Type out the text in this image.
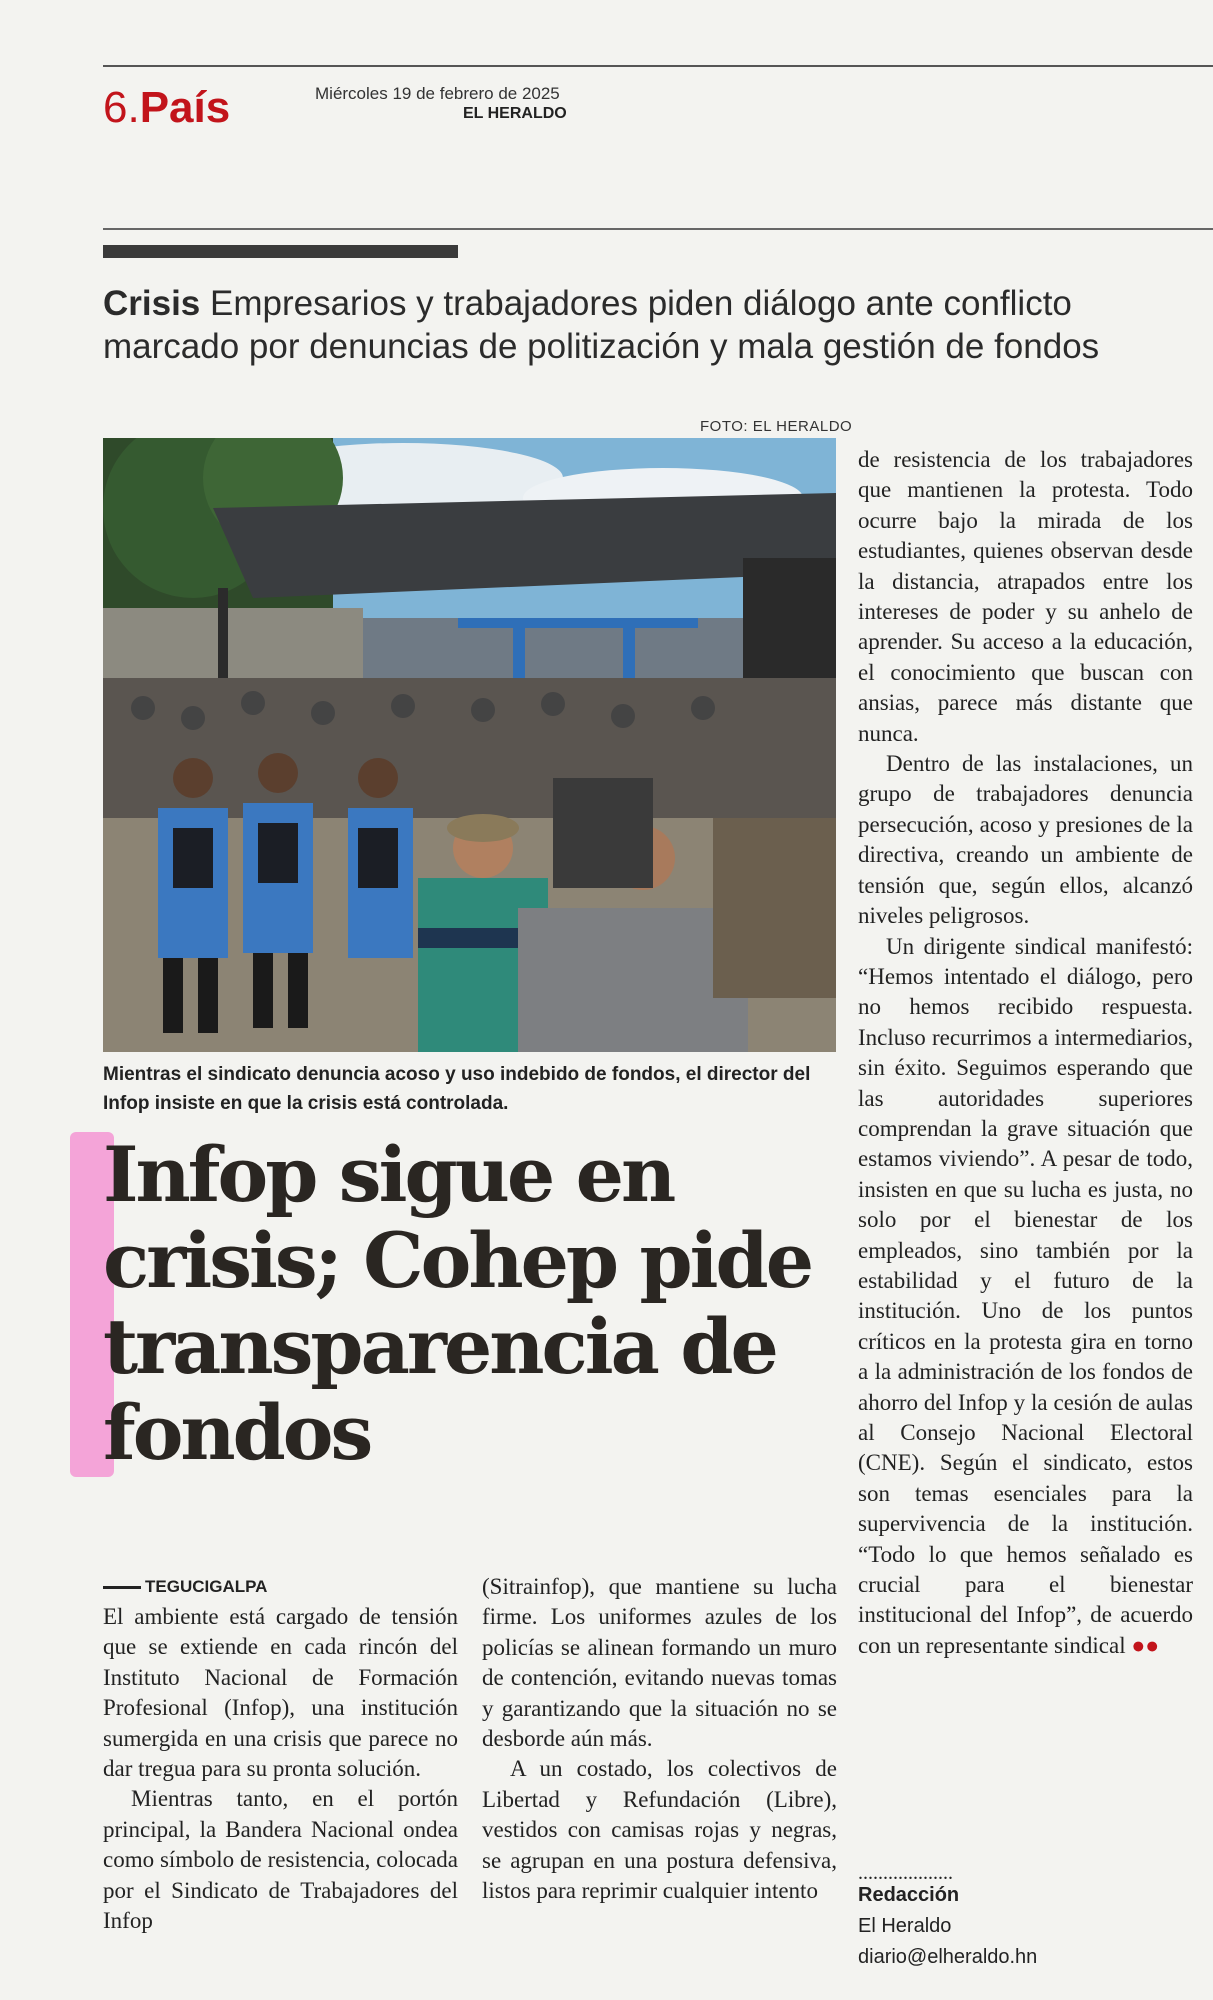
6.País	Miércoles 19 de febrero de 2025
EL HERALDO
Crisis Empresarios y trabajadores piden diálogo ante conflicto marcado por denuncias de politización y mala gestión de fondos
FOTO: EL HERALDO
Mientras el sindicato denuncia acoso y uso indebido de fondos, el director del Infop insiste en que la crisis está controlada.
Infop sigue en crisis; Cohep pide transparencia de fondos
TEGUCIGALPA

El ambiente está cargado de tensión que se extiende en cada rincón del Instituto Nacional de Formación Profesional (Infop), una institución sumergida en una crisis que parece no dar tregua para su pronta solución.

Mientras tanto, en el portón principal, la Bandera Nacional ondea como símbolo de resistencia, colocada por el Sindicato de Trabajadores del Infop

(Sitrainfop), que mantiene su lucha firme. Los uniformes azules de los policías se alinean formando un muro de contención, evitando nuevas tomas y garantizando que la situación no se desborde aún más.

A un costado, los colectivos de Libertad y Refundación (Libre), vestidos con camisas rojas y negras, se agrupan en una postura defensiva, listos para reprimir cualquier intento

de resistencia de los trabajadores que mantienen la protesta. Todo ocurre bajo la mirada de los estudiantes, quienes observan desde la distancia, atrapados entre los intereses de poder y su anhelo de aprender. Su acceso a la educación, el conocimiento que buscan con ansias, parece más distante que nunca.

Dentro de las instalaciones, un grupo de trabajadores denuncia persecución, acoso y presiones de la directiva, creando un ambiente de tensión que, según ellos, alcanzó niveles peligrosos.

Un dirigente sindical manifestó: “Hemos intentado el diálogo, pero no hemos recibido respuesta. Incluso recurrimos a intermediarios, sin éxito. Seguimos esperando que las autoridades superiores comprendan la grave situación que estamos viviendo”. A pesar de todo, insisten en que su lucha es justa, no solo por el bienestar de los empleados, sino también por la estabilidad y el futuro de la institución. Uno de los puntos críticos en la protesta gira en torno a la administración de los fondos de ahorro del Infop y la cesión de aulas al Consejo Nacional Electoral (CNE). Según el sindicato, estos son temas esenciales para la supervivencia de la institución. “Todo lo que hemos señalado es crucial para el bienestar institucional del Infop”, de acuerdo con un representante sindical ●●

...................
Redacción
El Heraldo
diario@elheraldo.hn
